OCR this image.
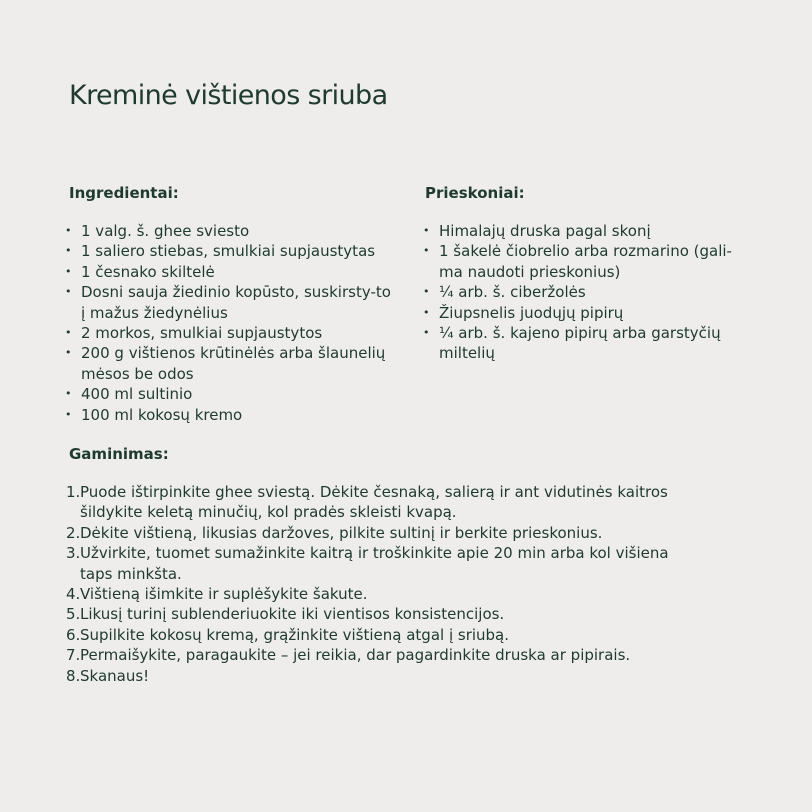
Kreminė vištienos sriuba
Ingredientai:
• 1 valg. š. ghee sviesto
• 1 saliero stiebas, smulkiai supjaustytas
• 1 česnako skiltelė
• Dosni sauja žiedinio kopūsto, suskirsty-to į mažus žiedynėlius
• 2 morkos, smulkiai supjaustytos
• 200 g vištienos krūtinėlės arba šlaunelių mėsos be odos
• 400 ml sultinio
• 100 ml kokosų kremo
Prieskoniai:
• Himalajų druska pagal skonį
• 1 šakelė čiobrelio arba rozmarino (gali-ma naudoti prieskonius)
• ¼ arb. š. ciberžolės
• Žiupsnelis juodųjų pipirų
• ¼ arb. š. kajeno pipirų arba garstyčių miltelių
Gaminimas:
1. Puode ištirpinkite ghee sviestą. Dėkite česnaką, salierą ir ant vidutinės kaitros šildykite keletą minučių, kol pradės skleisti kvapą.
2. Dėkite vištieną, likusias daržoves, pilkite sultinį ir berkite prieskonius.
3. Užvirkite, tuomet sumažinkite kaitrą ir troškinkite apie 20 min arba kol višiena taps minkšta.
4. Vištieną išimkite ir suplėšykite šakute.
5. Likusį turinį sublenderiuokite iki vientisos konsistencijos.
6. Supilkite kokosų kremą, grąžinkite vištieną atgal į sriubą.
7. Permaišykite, paragaukite – jei reikia, dar pagardinkite druska ar pipirais.
8. Skanaus!
